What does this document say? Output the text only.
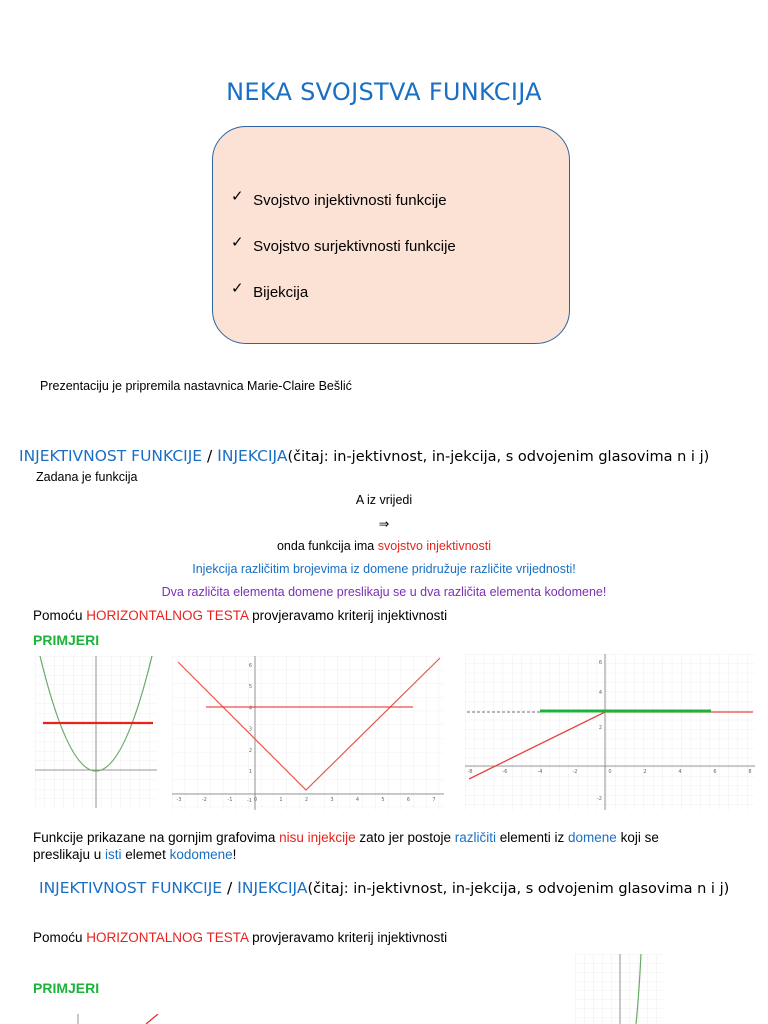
NEKA SVOJSTVA FUNKCIJA
✓ Svojstvo injektivnosti funkcije
✓ Svojstvo surjektivnosti funkcije
✓ Bijekcija
Prezentaciju je pripremila nastavnica Marie-Claire Bešlić
INJEKTIVNOST FUNKCIJE / INJEKCIJA(čitaj: in-jektivnost, in-jekcija, s odvojenim glasovima n i j)
Zadana je funkcija
A iz vrijedi
⇒
onda funkcija ima svojstvo injektivnosti
Injekcija različitim brojevima iz domene pridružuje različite vrijednosti!
Dva različita elementa domene preslikaju se u dva različita elementa kodomene!
Pomoću HORIZONTALNOG TESTA provjeravamo kriterij injektivnosti
PRIMJERI
6
5
4
3
2
1
-1
-3	-2	-1	0	1	2	3	4	5	6	7
6
4
2
-2
-8	-6	-4	-2	0	2	4	6	8
Funkcije prikazane na gornjim grafovima nisu injekcije zato jer postoje različiti elementi iz domene koji se
preslikaju u isti elemet kodomene!
INJEKTIVNOST FUNKCIJE / INJEKCIJA(čitaj: in-jektivnost, in-jekcija, s odvojenim glasovima n i j)
Pomoću HORIZONTALNOG TESTA provjeravamo kriterij injektivnosti
PRIMJERI
